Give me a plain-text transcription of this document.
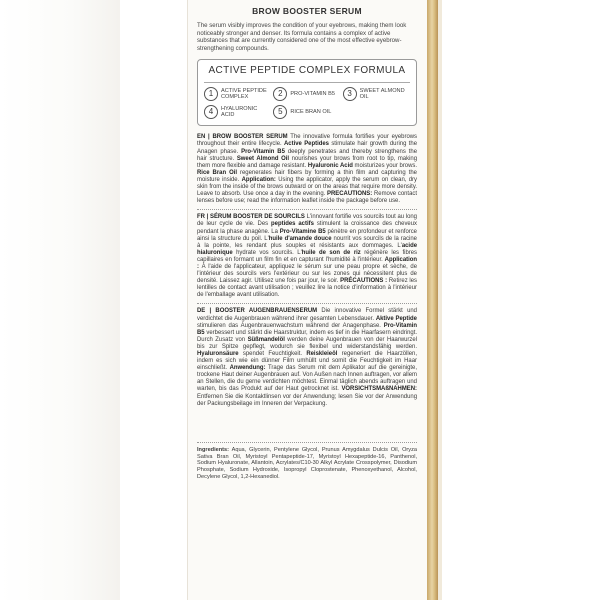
BROW BOOSTER SERUM
The serum visibly improves the condition of your eyebrows, making them look noticeably stronger and denser. Its formula contains a complex of active substances that are currently considered one of the most effective eyebrow-strengthening compounds.
ACTIVE PEPTIDE COMPLEX FORMULA
1	ACTIVE PEPTIDE COMPLEX	2	PRO-VITAMIN B5	3	SWEET ALMOND OIL
4	HYALURONIC ACID	5	RICE BRAN OIL
EN | BROW BOOSTER SERUM The innovative formula fortifies your eyebrows throughout their entire lifecycle. Active Peptides stimulate hair growth during the Anagen phase. Pro-Vitamin B5 deeply penetrates and thereby strengthens the hair structure. Sweet Almond Oil nourishes your brows from root to tip, making them more flexible and damage resistant. Hyaluronic Acid moisturizes your brows. Rice Bran Oil regenerates hair fibers by forming a thin film and capturing the moisture inside. Application: Using the applicator, apply the serum on clean, dry skin from the inside of the brows outward or on the areas that require more density. Leave to absorb. Use once a day in the evening. PRECAUTIONS: Remove contact lenses before use; read the information leaflet inside the package before use.
FR | SÉRUM BOOSTER DE SOURCILS L'innovant fortifie vos sourcils tout au long de leur cycle de vie. Des peptides actifs stimulent la croissance des cheveux pendant la phase anagène. La Pro-Vitamine B5 pénètre en profondeur et renforce ainsi la structure du poil. L'huile d'amande douce nourrit vos sourcils de la racine à la pointe, les rendant plus souples et résistants aux dommages. L'acide hialuronique hydrate vos sourcils. L'huile de son de riz régénère les fibres capillaires en formant un film fin et en capturant l'humidité à l'intérieur. Application : À l'aide de l'applicateur, appliquez le sérum sur une peau propre et sèche, de l'intérieur des sourcils vers l'extérieur ou sur les zones qui nécessitent plus de densité. Laissez agir. Utilisez une fois par jour, le soir. PRÉCAUTIONS : Retirez les lentilles de contact avant utilisation ; veuillez lire la notice d'information à l'intérieur de l'emballage avant utilisation.
DE | BOOSTER AUGENBRAUENSERUM Die innovative Formel stärkt und verdichtet die Augenbrauen während ihrer gesamten Lebensdauer. Aktive Peptide stimulieren das Augenbrauenwachstum während der Anagenphase. Pro-Vitamin B5 verbessert und stärkt die Haarstruktur, indem es tief in die Haarfasern eindringt. Durch Zusatz von Süßmandelöl werden deine Augenbrauen von der Haarwurzel bis zur Spitze gepflegt, wodurch sie flexibel und widerstandsfähig werden. Hyaluronsäure spendet Feuchtigkeit. Reiskleieöl regeneriert die Haarzöllen, indem es sich wie ein dünner Film umhüllt und somit die Feuchtigkeit im Haar einschließt. Anwendung: Trage das Serum mit dem Aplikator auf die gereinigte, trockene Haut deiner Augenbrauen auf. Von Außen nach Innen auftragen, vor allem an Stellen, die du gerne verdichten möchtest. Einmal täglich abends auftragen und warten, bis das Produkt auf der Haut getrocknet ist. VORSICHTSMAßNAHMEN: Entfernen Sie die Kontaktlinsen vor der Anwendung; lesen Sie vor der Anwendung der Packungsbeilage im Inneren der Verpackung.
Ingredients: Aqua, Glycerin, Pentylene Glycol, Prunus Amygdalus Dulcis Oil, Oryza Sativa Bran Oil, Myristoyl Pentapeptide-17, Myristoyl Hexapeptide-16, Panthenol, Sodium Hyaluronate, Allantoin, Acrylates/C10-30 Alkyl Acrylate Crosspolymer, Disodium Phosphate, Sodium Hydroxide, Isopropyl Cloprostenate, Phenoxyethanol, Alcohol, Decylene Glycol, 1,2-Hexanediol.
